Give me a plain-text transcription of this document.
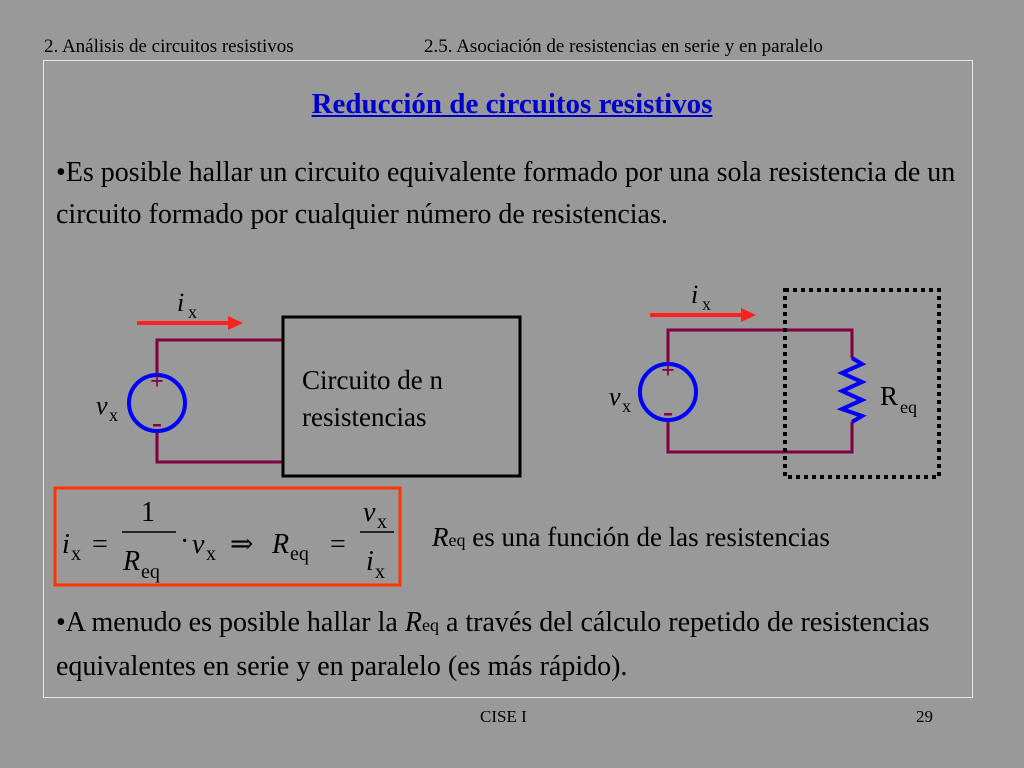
2. Análisis de circuitos resistivos	2.5. Asociación de resistencias en serie y en paralelo
Reducción de circuitos resistivos
•Es posible hallar un circuito equivalente formado por una sola resistencia de un circuito formado por cualquier número de resistencias.
i x
+
-
v x
i x
+
-
v x	R eq
i x =
1
R eq
· v x ⇒ R eq =
v x
i x
Circuito de n
resistencias
Req es una función de las resistencias
•A menudo es posible hallar la Req a través del cálculo repetido de resistencias equivalentes en serie y en paralelo (es más rápido).
CISE I	29
